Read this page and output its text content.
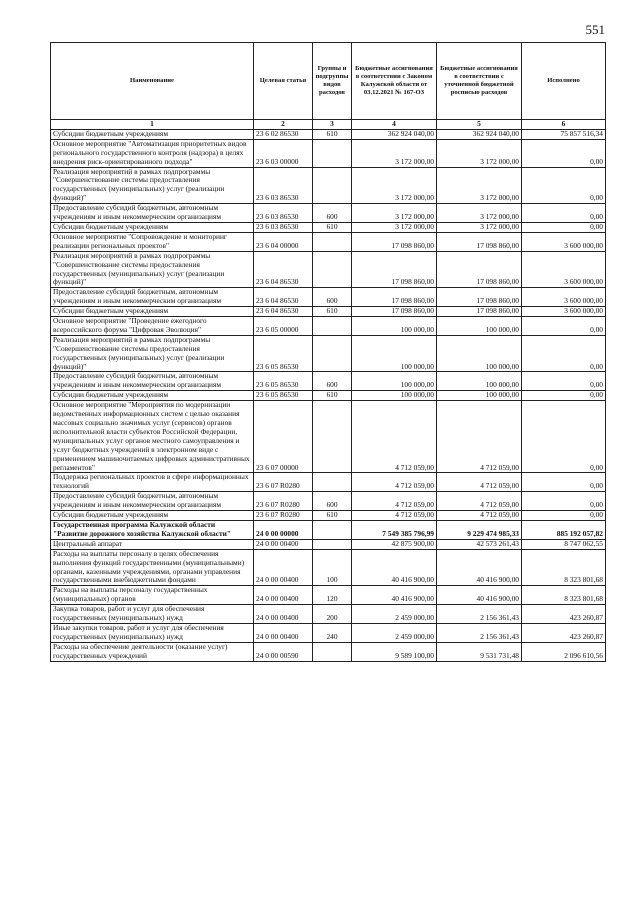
551
Наименование	Целевая статья	Группы и подгруппы видов расходов	Бюджетные ассигнования в соответствии с Законом Калужской области от 03.12.2021 № 167-ОЗ	Бюджетные ассигнования в соответствии с уточненной бюджетной росписью расходов	Исполнено
1	2	3	4	5	6
Субсидии бюджетным учреждениям	23 6 02 86530	610	362 924 040,00	362 924 040,00	75 857 516,34
Основное мероприятие "Автоматизация приоритетных видов регионального государственного контроля (надзора) в целях внедрения риск-ориентированного подхода"	23 6 03 00000		3 172 000,00	3 172 000,00	0,00
Реализация мероприятий в рамках подпрограммы "Совершенствование системы предоставления государственных (муниципальных) услуг (реализации функций)"	23 6 03 86530		3 172 000,00	3 172 000,00	0,00
Предоставление субсидий бюджетным, автономным учреждениям и иным некоммерческим организациям	23 6 03 86530	600	3 172 000,00	3 172 000,00	0,00
Субсидии бюджетным учреждениям	23 6 03 86530	610	3 172 000,00	3 172 000,00	0,00
Основное мероприятие "Сопровождение и мониторинг реализации региональных проектов"	23 6 04 00000		17 098 860,00	17 098 860,00	3 600 000,00
Реализация мероприятий в рамках подпрограммы "Совершенствование системы предоставления государственных (муниципальных) услуг (реализации функций)"	23 6 04 86530		17 098 860,00	17 098 860,00	3 600 000,00
Предоставление субсидий бюджетным, автономным учреждениям и иным некоммерческим организациям	23 6 04 86530	600	17 098 860,00	17 098 860,00	3 600 000,00
Субсидии бюджетным учреждениям	23 6 04 86530	610	17 098 860,00	17 098 860,00	3 600 000,00
Основное мероприятие "Проведение ежегодного всероссийского форума "Цифровая Эволюция"	23 6 05 00000		100 000,00	100 000,00	0,00
Реализация мероприятий в рамках подпрограммы "Совершенствование системы предоставления государственных (муниципальных) услуг (реализации функций)"	23 6 05 86530		100 000,00	100 000,00	0,00
Предоставление субсидий бюджетным, автономным учреждениям и иным некоммерческим организациям	23 6 05 86530	600	100 000,00	100 000,00	0,00
Субсидии бюджетным учреждениям	23 6 05 86530	610	100 000,00	100 000,00	0,00
Основное мероприятие "Мероприятия по модернизации ведомственных информационных систем с целью оказания массовых социально значимых услуг (сервисов) органов исполнительной власти субъектов Российской Федерации, муниципальных услуг органов местного самоуправления и услуг бюджетных учреждений в электронном виде с применением машиночитаемых цифровых административных регламентов"	23 6 07 00000		4 712 059,00	4 712 059,00	0,00
Поддержка региональных проектов в сфере информационных технологий	23 6 07 R0280		4 712 059,00	4 712 059,00	0,00
Предоставление субсидий бюджетным, автономным учреждениям и иным некоммерческим организациям	23 6 07 R0280	600	4 712 059,00	4 712 059,00	0,00
Субсидии бюджетным учреждениям	23 6 07 R0280	610	4 712 059,00	4 712 059,00	0,00
Государственная программа Калужской области "Развитие дорожного хозяйства Калужской области"	24 0 00 00000		7 549 385 796,99	9 229 474 985,33	885 192 057,82
Центральный аппарат	24 0 00 00400		42 875 900,00	42 573 261,43	8 747 062,55
Расходы на выплаты персоналу в целях обеспечения выполнения функций государственными (муниципальными) органами, казенными учреждениями, органами управления государственными внебюджетными фондами	24 0 00 00400	100	40 416 900,00	40 416 900,00	8 323 801,68
Расходы на выплаты персоналу государственных (муниципальных) органов	24 0 00 00400	120	40 416 900,00	40 416 900,00	8 323 801,68
Закупка товаров, работ и услуг для обеспечения государственных (муниципальных) нужд	24 0 00 00400	200	2 459 000,00	2 156 361,43	423 260,87
Иные закупки товаров, работ и услуг для обеспечения государственных (муниципальных) нужд	24 0 00 00400	240	2 459 000,00	2 156 361,43	423 260,87
Расходы на обеспечение деятельности (оказание услуг) государственных учреждений	24 0 00 00590		9 589 100,00	9 531 731,48	2 096 610,56
